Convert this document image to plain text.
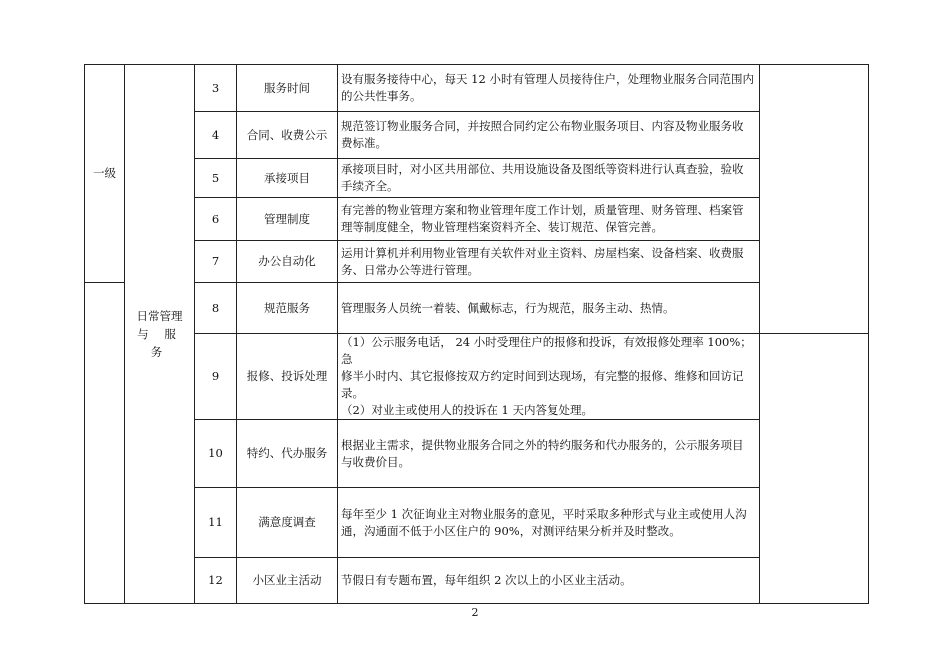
一级	日常管理
与 服 务	3	服务时间	设有服务接待中心，每天 12 小时有管理人员接待住户，处理物业服务合同范围内
的公共性事务。	

		4	合同、收费公示	规范签订物业服务合同，并按照合同约定公布物业服务项目、内容及物业服务收
费标准。	

		5	承接项目	承接项目时，对小区共用部位、共用设施设备及图纸等资料进行认真查验，验收
手续齐全。	

		6	管理制度	有完善的物业管理方案和物业管理年度工作计划，质量管理、财务管理、档案管
理等制度健全，物业管理档案资料齐全、装订规范、保管完善。	

		7	办公自动化	运用计算机并利用物业管理有关软件对业主资料、房屋档案、设备档案、收费服
务、日常办公等进行管理。	

		8	规范服务	管理服务人员统一着装、佩戴标志，行为规范，服务主动、热情。	

		9	报修、投诉处理	（1）公示服务电话， 24 小时受理住户的报修和投诉，有效报修处理率 100%；急
修半小时内、其它报修按双方约定时间到达现场，有完整的报修、维修和回访记
录。
（2）对业主或使用人的投诉在 1 天内答复处理。	

		10	特约、代办服务	根据业主需求，提供物业服务合同之外的特约服务和代办服务的，公示服务项目
与收费价目。	

		11	满意度调查	每年至少 1 次征询业主对物业服务的意见，平时采取多种形式与业主或使用人沟
通，沟通面不低于小区住户的 90%，对测评结果分析并及时整改。	

		12	小区业主活动	节假日有专题布置，每年组织 2 次以上的小区业主活动。	
2
